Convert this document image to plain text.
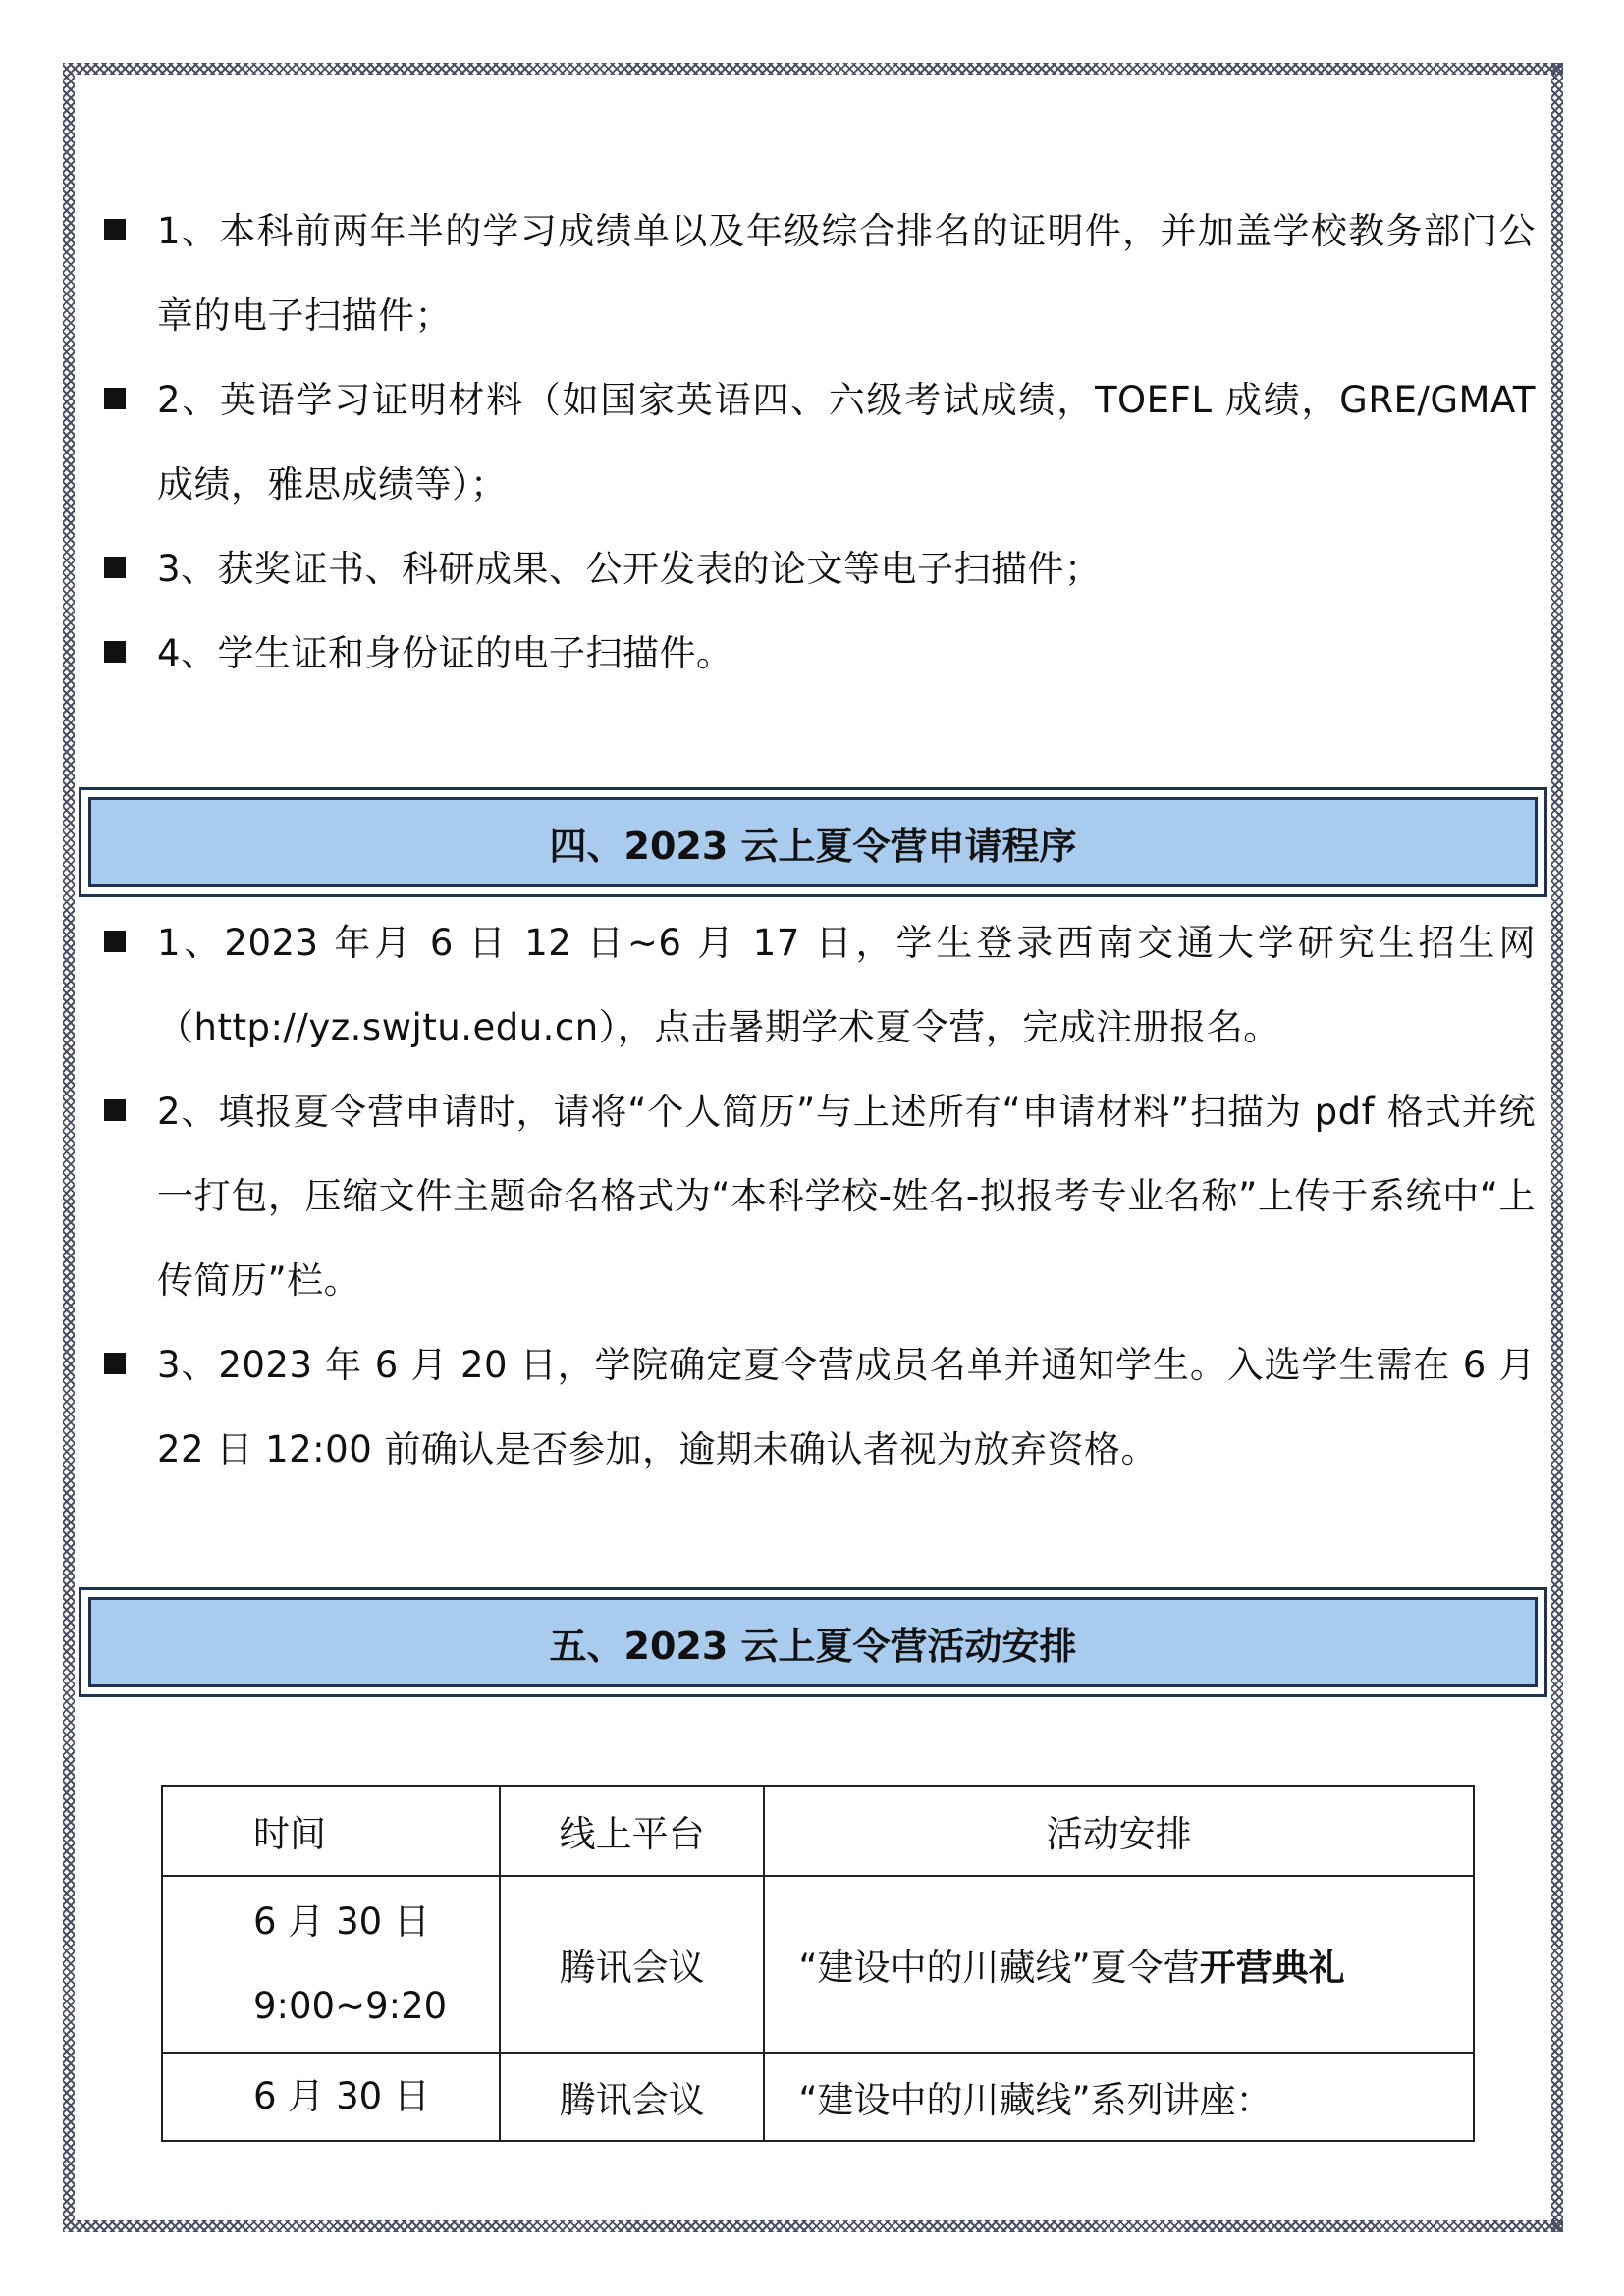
1、本科前两年半的学习成绩单以及年级综合排名的证明件，并加盖学校教务部门公章的电子扫描件；
2、英语学习证明材料（如国家英语四、六级考试成绩，TOEFL 成绩，GRE/GMAT 成绩，雅思成绩等）；
3、获奖证书、科研成果、公开发表的论文等电子扫描件；
4、学生证和身份证的电子扫描件。
四、2023 云上夏令营申请程序
1、2023 年月 6 日 12 日~6 月 17 日，学生登录西南交通大学研究生招生网（http://yz.swjtu.edu.cn），点击暑期学术夏令营，完成注册报名。
2、填报夏令营申请时，请将“个人简历”与上述所有“申请材料”扫描为 pdf 格式并统一打包，压缩文件主题命名格式为“本科学校-姓名-拟报考专业名称”上传于系统中“上传简历”栏。
3、2023 年 6 月 20 日，学院确定夏令营成员名单并通知学生。入选学生需在 6 月 22 日 12:00 前确认是否参加，逾期未确认者视为放弃资格。
五、2023 云上夏令营活动安排
时间	线上平台	活动安排

6 月 30 日
9:00~9:20	腾讯会议	“建设中的川藏线”夏令营开营典礼

6 月 30 日	腾讯会议	“建设中的川藏线”系列讲座：
